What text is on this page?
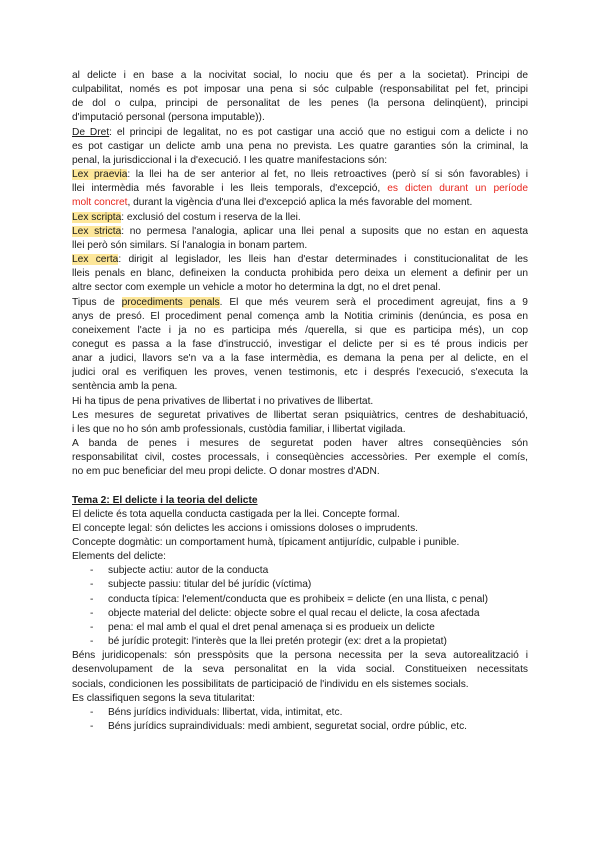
al delicte i en base a la nocivitat social, lo nociu que és per a la societat). Principi de
culpabilitat, només es pot imposar una pena si sóc culpable (responsabilitat pel fet, principi
de dol o culpa, principi de personalitat de les penes (la persona delinqüent), principi
d'imputació personal (persona imputable)).
De Dret: el principi de legalitat, no es pot castigar una acció que no estigui com a delicte i no
es pot castigar un delicte amb una pena no prevista. Les quatre garanties són la criminal, la
penal, la jurisdiccional i la d'execució. I les quatre manifestacions són:
Lex praevia: la llei ha de ser anterior al fet, no lleis retroactives (però sí si són favorables) i
llei intermèdia més favorable i les lleis temporals, d'excepció, es dicten durant un període
molt concret, durant la vigència d'una llei d'excepció aplica la més favorable del moment.
Lex scripta: exclusió del costum i reserva de la llei.
Lex stricta: no permesa l'analogia, aplicar una llei penal a suposits que no estan en aquesta
llei però són similars. Sí l'analogia in bonam partem.
Lex certa: dirigit al legislador, les lleis han d'estar determinades i constitucionalitat de les
lleis penals en blanc, defineixen la conducta prohibida pero deixa un element a definir per un
altre sector com exemple un vehicle a motor ho determina la dgt, no el dret penal.
Tipus de procediments penals. El que més veurem serà el procediment agreujat, fins a 9
anys de presó. El procediment penal comença amb la Notitia criminis (denúncia, es posa en
coneixement l'acte i ja no es participa més /querella, si que es participa més), un cop
conegut es passa a la fase d'instrucció, investigar el delicte per si es té prous indicis per
anar a judici, llavors se'n va a la fase intermèdia, es demana la pena per al delicte, en el
judici oral es verifiquen les proves, venen testimonis, etc i després l'execució, s'executa la
sentència amb la pena.
Hi ha tipus de pena privatives de llibertat i no privatives de llibertat.
Les mesures de seguretat privatives de llibertat seran psiquiàtrics, centres de deshabituació,
i les que no ho són amb professionals, custòdia familiar, i llibertat vigilada.
A banda de penes i mesures de seguretat poden haver altres conseqüències són
responsabilitat civil, costes processals, i conseqüències accessòries. Per exemple el comís,
no em puc beneficiar del meu propi delicte. O donar mostres d'ADN.
Tema 2: El delicte i la teoria del delicte
El delicte és tota aquella conducta castigada per la llei. Concepte formal.
El concepte legal: són delictes les accions i omissions doloses o imprudents.
Concepte dogmàtic: un comportament humà, típicament antijurídic, culpable i punible.
Elements del delicte:
- subjecte actiu: autor de la conducta
- subjecte passiu: titular del bé jurídic (víctima)
- conducta típica: l'element/conducta que es prohibeix = delicte (en una llista, c penal)
- objecte material del delicte: objecte sobre el qual recau el delicte, la cosa afectada
- pena: el mal amb el qual el dret penal amenaça si es produeix un delicte
- bé jurídic protegit: l'interès que la llei pretén protegir (ex: dret a la propietat)
Béns juridicopenals: són presspòsits que la persona necessita per la seva autorealització i
desenvolupament de la seva personalitat en la vida social. Constitueixen necessitats
socials, condicionen les possibilitats de participació de l'individu en els sistemes socials.
Es classifiquen segons la seva titularitat:
- Béns jurídics individuals: llibertat, vida, intimitat, etc.
- Béns jurídics supraindividuals: medi ambient, seguretat social, ordre públic, etc.
